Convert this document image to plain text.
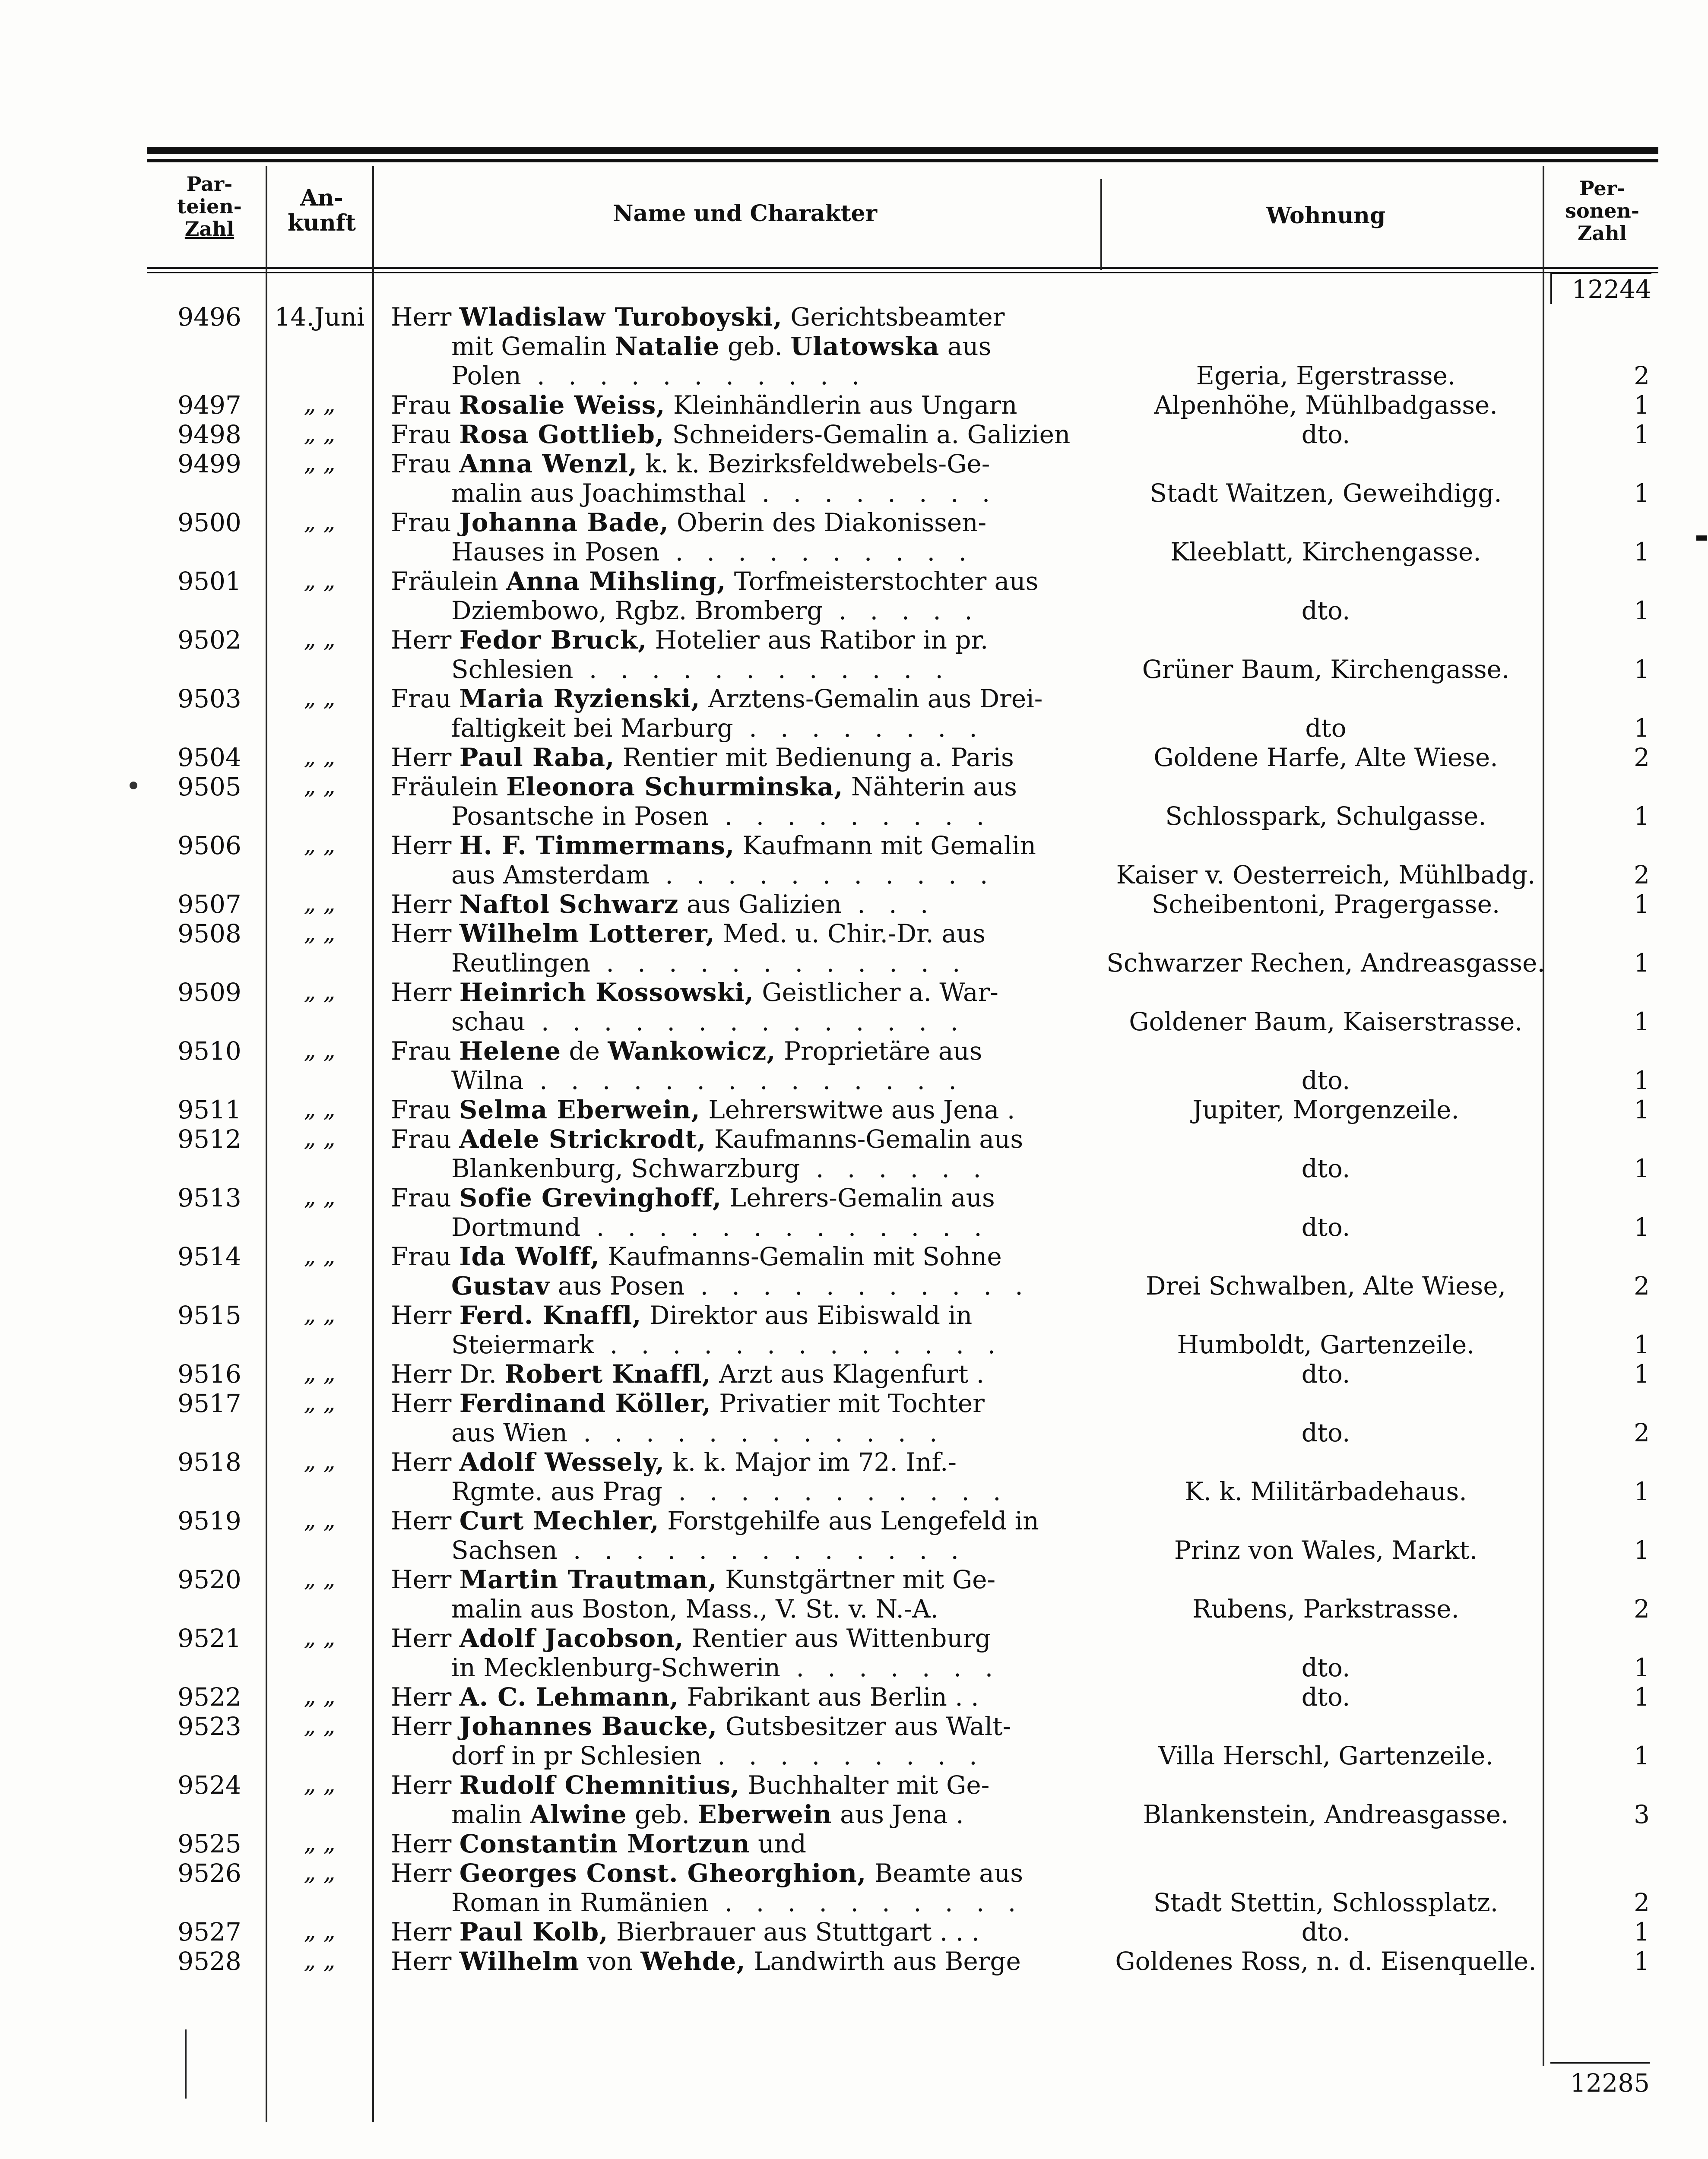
Par-
teien-
Zahl
An-
kunft	Name und Charakter	Wohnung
Per-
sonen-
Zahl
12244
9496	14.Juni Herr Wladislaw Turoboyski, Gerichtsbeamter
mit Gemalin Natalie geb. Ulatowska aus
Polen . . . . . . . . . . .	Egeria, Egerstrasse.	2
9497	„ „	Frau Rosalie Weiss, Kleinhändlerin aus Ungarn	Alpenhöhe, Mühlbadgasse.	1
9498	„ „	Frau Rosa Gottlieb, Schneiders-Gemalin a. Galizien	dto.	1
9499	„ „	Frau Anna Wenzl, k. k. Bezirksfeldwebels-Ge-
malin aus Joachimsthal . . . . . . . .	Stadt Waitzen, Geweihdigg.	1
9500	„ „	Frau Johanna Bade, Oberin des Diakonissen-
Hauses in Posen . . . . . . . . . .	Kleeblatt, Kirchengasse.	1
9501	„ „	Fräulein Anna Mihsling, Torfmeisterstochter aus
Dziembowo, Rgbz. Bromberg . . . . .	dto.	1
9502	„ „	Herr Fedor Bruck, Hotelier aus Ratibor in pr.
Schlesien . . . . . . . . . . . .	Grüner Baum, Kirchengasse.	1
9503	„ „	Frau Maria Ryzienski, Arztens-Gemalin aus Drei-
faltigkeit bei Marburg . . . . . . . .	dto	1
9504	„ „	Herr Paul Raba, Rentier mit Bedienung a. Paris	Goldene Harfe, Alte Wiese.	2
9505	„ „	Fräulein Eleonora Schurminska, Nähterin aus
Posantsche in Posen . . . . . . . . .	Schlosspark, Schulgasse.	1
9506	„ „	Herr H. F. Timmermans, Kaufmann mit Gemalin
aus Amsterdam . . . . . . . . . . .	Kaiser v. Oesterreich, Mühlbadg.	2
9507	„ „	Herr Naftol Schwarz aus Galizien . . .	Scheibentoni, Pragergasse.	1
9508	„ „	Herr Wilhelm Lotterer, Med. u. Chir.-Dr. aus
Reutlingen . . . . . . . . . . . .	Schwarzer Rechen, Andreasgasse.	1
9509	„ „	Herr Heinrich Kossowski, Geistlicher a. War-
schau . . . . . . . . . . . . . .	Goldener Baum, Kaiserstrasse.	1
9510	„ „	Frau Helene de Wankowicz, Proprietäre aus
Wilna . . . . . . . . . . . . . .	dto.	1
9511	„ „	Frau Selma Eberwein, Lehrerswitwe aus Jena .	Jupiter, Morgenzeile.	1
9512	„ „	Frau Adele Strickrodt, Kaufmanns-Gemalin aus
Blankenburg, Schwarzburg . . . . . .	dto.	1
9513	„ „	Frau Sofie Grevinghoff, Lehrers-Gemalin aus
Dortmund . . . . . . . . . . . . .	dto.	1
9514	„ „	Frau Ida Wolff, Kaufmanns-Gemalin mit Sohne
Gustav aus Posen . . . . . . . . . . .	Drei Schwalben, Alte Wiese,	2
9515	„ „	Herr Ferd. Knaffl, Direktor aus Eibiswald in
Steiermark . . . . . . . . . . . . .	Humboldt, Gartenzeile.	1
9516	„ „	Herr Dr. Robert Knaffl, Arzt aus Klagenfurt .	dto.	1
9517	„ „	Herr Ferdinand Köller, Privatier mit Tochter
aus Wien . . . . . . . . . . . .	dto.	2
9518	„ „	Herr Adolf Wessely, k. k. Major im 72. Inf.-
Rgmte. aus Prag . . . . . . . . . . .	K. k. Militärbadehaus.	1
9519	„ „	Herr Curt Mechler, Forstgehilfe aus Lengefeld in
Sachsen . . . . . . . . . . . . .	Prinz von Wales, Markt.	1
9520	„ „	Herr Martin Trautman, Kunstgärtner mit Ge-
malin aus Boston, Mass., V. St. v. N.-A.	Rubens, Parkstrasse.	2
9521	„ „	Herr Adolf Jacobson, Rentier aus Wittenburg
in Mecklenburg-Schwerin . . . . . . .	dto.	1
9522	„ „	Herr A. C. Lehmann, Fabrikant aus Berlin . .	dto.	1
9523	„ „	Herr Johannes Baucke, Gutsbesitzer aus Walt-
dorf in pr Schlesien . . . . . . . . .	Villa Herschl, Gartenzeile.	1
9524	„ „	Herr Rudolf Chemnitius, Buchhalter mit Ge-
malin Alwine geb. Eberwein aus Jena .	Blankenstein, Andreasgasse.	3
9525	„ „	Herr Constantin Mortzun und
9526	„ „	Herr Georges Const. Gheorghion, Beamte aus
Roman in Rumänien . . . . . . . . . .	Stadt Stettin, Schlossplatz.	2
9527	„ „	Herr Paul Kolb, Bierbrauer aus Stuttgart . . .	dto.	1
9528	„ „	Herr Wilhelm von Wehde, Landwirth aus Berge	Goldenes Ross, n. d. Eisenquelle.	1
12285
